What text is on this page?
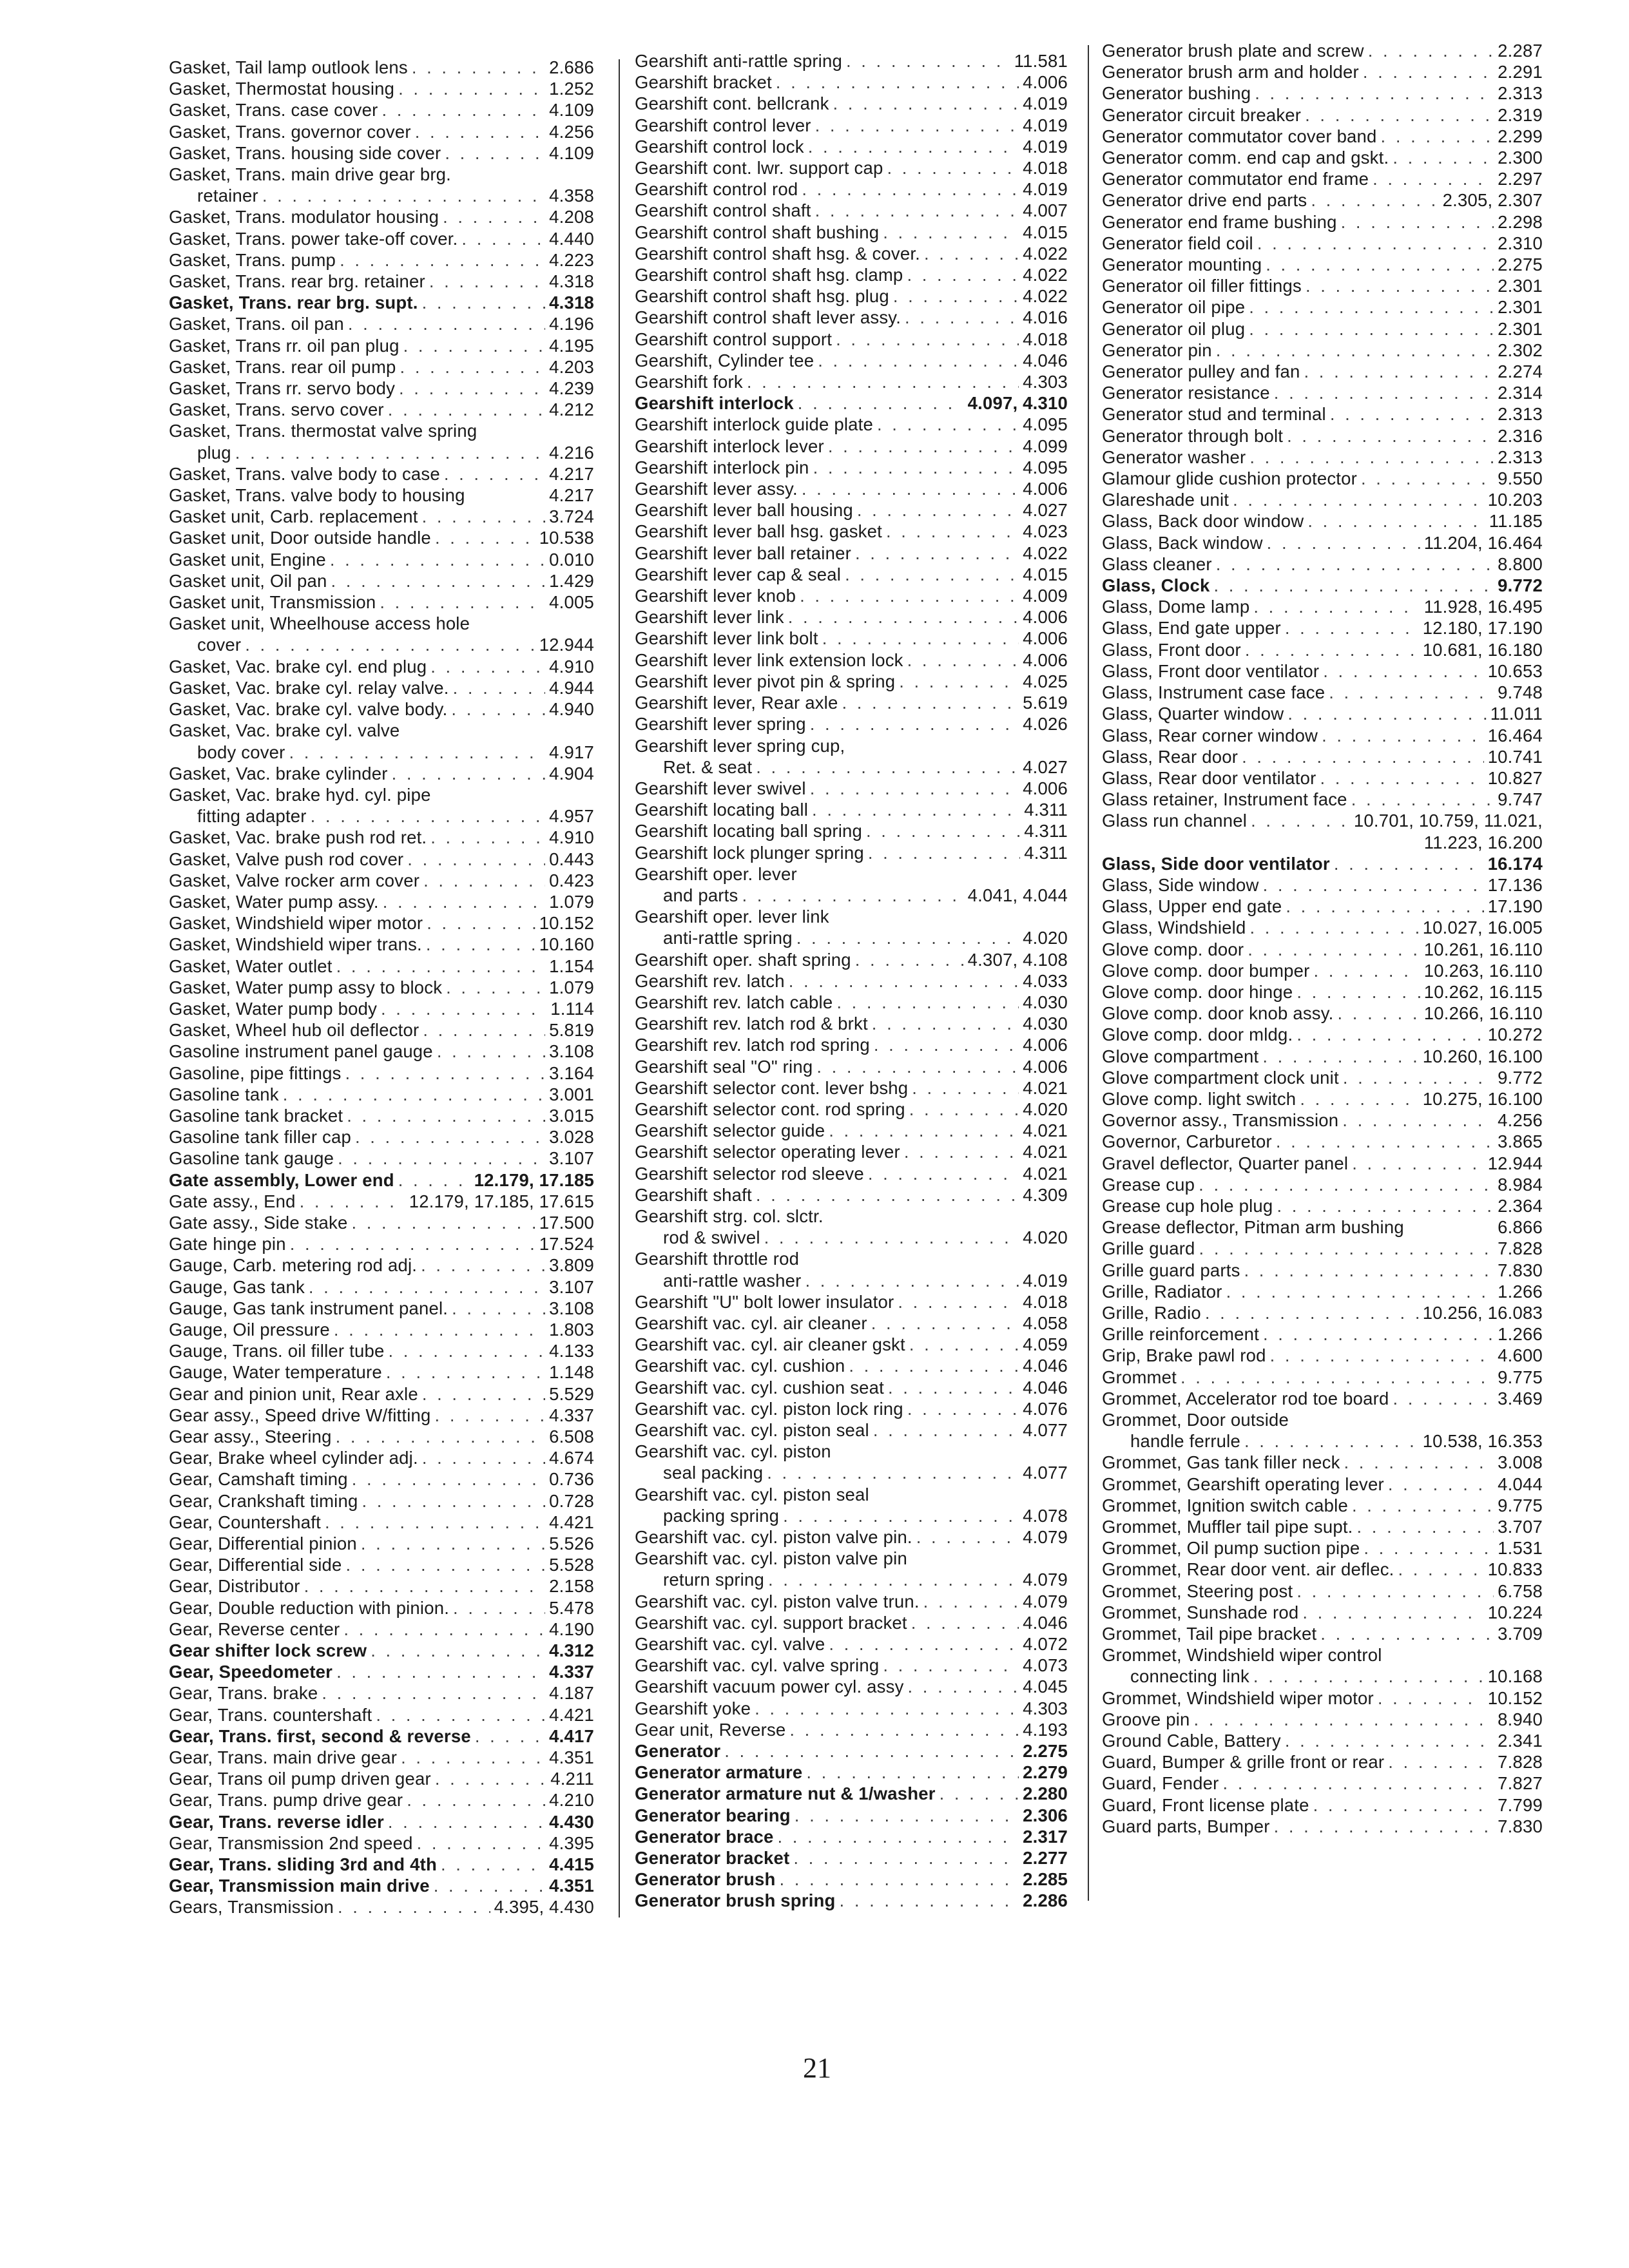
Gasket, Tail lamp outlook lens . . .	2.686
Gasket, Thermostat housing . . .	1.252
Gasket, Trans. case cover . . .	4.109
Gasket, Trans. governor cover . . .	4.256
Gasket, Trans. housing side cover . . .	4.109
Gasket, Trans. main drive gear brg.
retainer . . .	4.358
Gasket, Trans. modulator housing . . .	4.208
Gasket, Trans. power take-off cover. . . .	4.440
Gasket, Trans. pump . . .	4.223
Gasket, Trans. rear brg. retainer . . .	4.318
Gasket, Trans. rear brg. supt. . . .	4.318
Gasket, Trans. oil pan . . .	4.196
Gasket, Trans rr. oil pan plug . . .	4.195
Gasket, Trans. rear oil pump . . .	4.203
Gasket, Trans rr. servo body . . .	4.239
Gasket, Trans. servo cover . . .	4.212
Gasket, Trans. thermostat valve spring
plug . . .	4.216
Gasket, Trans. valve body to case . . .	4.217
Gasket, Trans. valve body to housing	4.217
Gasket unit, Carb. replacement . . .	3.724
Gasket unit, Door outside handle . . .	10.538
Gasket unit, Engine . . .	0.010
Gasket unit, Oil pan . . .	1.429
Gasket unit, Transmission . . .	4.005
Gasket unit, Wheelhouse access hole
cover . . .	12.944
Gasket, Vac. brake cyl. end plug . . .	4.910
Gasket, Vac. brake cyl. relay valve. . . .	4.944
Gasket, Vac. brake cyl. valve body. . . .	4.940
Gasket, Vac. brake cyl. valve
body cover . . .	4.917
Gasket, Vac. brake cylinder . . .	4.904
Gasket, Vac. brake hyd. cyl. pipe
fitting adapter . . .	4.957
Gasket, Vac. brake push rod ret. . . .	4.910
Gasket, Valve push rod cover . . .	0.443
Gasket, Valve rocker arm cover . . .	0.423
Gasket, Water pump assy. . . .	1.079
Gasket, Windshield wiper motor . . .	10.152
Gasket, Windshield wiper trans. . . .	10.160
Gasket, Water outlet . . .	1.154
Gasket, Water pump assy to block . . .	1.079
Gasket, Water pump body . . .	1.114
Gasket, Wheel hub oil deflector . . .	5.819
Gasoline instrument panel gauge . . .	3.108
Gasoline, pipe fittings . . .	3.164
Gasoline tank . . .	3.001
Gasoline tank bracket . . .	3.015
Gasoline tank filler cap . . .	3.028
Gasoline tank gauge . . .	3.107
Gate assembly, Lower end . . .	12.179, 17.185
Gate assy., End . . .	12.179, 17.185, 17.615
Gate assy., Side stake . . .	17.500
Gate hinge pin . . .	17.524
Gauge, Carb. metering rod adj. . . .	3.809
Gauge, Gas tank . . .	3.107
Gauge, Gas tank instrument panel. . . .	3.108
Gauge, Oil pressure . . .	1.803
Gauge, Trans. oil filler tube . . .	4.133
Gauge, Water temperature . . .	1.148
Gear and pinion unit, Rear axle . . .	5.529
Gear assy., Speed drive W/fitting . . .	4.337
Gear assy., Steering . . .	6.508
Gear, Brake wheel cylinder adj. . . .	4.674
Gear, Camshaft timing . . .	0.736
Gear, Crankshaft timing . . .	0.728
Gear, Countershaft . . .	4.421
Gear, Differential pinion . . .	5.526
Gear, Differential side . . .	5.528
Gear, Distributor . . .	2.158
Gear, Double reduction with pinion. . . .	5.478
Gear, Reverse center . . .	4.190
Gear shifter lock screw . . .	4.312
Gear, Speedometer . . .	4.337
Gear, Trans. brake . . .	4.187
Gear, Trans. countershaft . . .	4.421
Gear, Trans. first, second & reverse . . .	4.417
Gear, Trans. main drive gear . . .	4.351
Gear, Trans oil pump driven gear . . .	4.211
Gear, Trans. pump drive gear . . .	4.210
Gear, Trans. reverse idler . . .	4.430
Gear, Transmission 2nd speed . . .	4.395
Gear, Trans. sliding 3rd and 4th . . .	4.415
Gear, Transmission main drive . . .	4.351
Gears, Transmission . . .	4.395, 4.430
Gearshift anti-rattle spring . . .	11.581
Gearshift bracket . . .	4.006
Gearshift cont. bellcrank . . .	4.019
Gearshift control lever . . .	4.019
Gearshift control lock . . .	4.019
Gearshift cont. lwr. support cap . . .	4.018
Gearshift control rod . . .	4.019
Gearshift control shaft . . .	4.007
Gearshift control shaft bushing . . .	4.015
Gearshift control shaft hsg. & cover. . . .	4.022
Gearshift control shaft hsg. clamp . . .	4.022
Gearshift control shaft hsg. plug . . .	4.022
Gearshift control shaft lever assy. . . .	4.016
Gearshift control support . . .	4.018
Gearshift, Cylinder tee . . .	4.046
Gearshift fork . . .	4.303
Gearshift interlock . . .	4.097, 4.310
Gearshift interlock guide plate . . .	4.095
Gearshift interlock lever . . .	4.099
Gearshift interlock pin . . .	4.095
Gearshift lever assy. . . .	4.006
Gearshift lever ball housing . . .	4.027
Gearshift lever ball hsg. gasket . . .	4.023
Gearshift lever ball retainer . . .	4.022
Gearshift lever cap & seal . . .	4.015
Gearshift lever knob . . .	4.009
Gearshift lever link . . .	4.006
Gearshift lever link bolt . . .	4.006
Gearshift lever link extension lock . . .	4.006
Gearshift lever pivot pin & spring . . .	4.025
Gearshift lever, Rear axle . . .	5.619
Gearshift lever spring . . .	4.026
Gearshift lever spring cup,
Ret. & seat . . .	4.027
Gearshift lever swivel . . .	4.006
Gearshift locating ball . . .	4.311
Gearshift locating ball spring . . .	4.311
Gearshift lock plunger spring . . .	4.311
Gearshift oper. lever
and parts . . .	4.041, 4.044
Gearshift oper. lever link
anti-rattle spring . . .	4.020
Gearshift oper. shaft spring . . .	4.307, 4.108
Gearshift rev. latch . . .	4.033
Gearshift rev. latch cable . . .	4.030
Gearshift rev. latch rod & brkt . . .	4.030
Gearshift rev. latch rod spring . . .	4.006
Gearshift seal "O" ring . . .	4.006
Gearshift selector cont. lever bshg . . .	4.021
Gearshift selector cont. rod spring . . .	4.020
Gearshift selector guide . . .	4.021
Gearshift selector operating lever . . .	4.021
Gearshift selector rod sleeve . . .	4.021
Gearshift shaft . . .	4.309
Gearshift strg. col. slctr.
rod & swivel . . .	4.020
Gearshift throttle rod
anti-rattle washer . . .	4.019
Gearshift "U" bolt lower insulator . . .	4.018
Gearshift vac. cyl. air cleaner . . .	4.058
Gearshift vac. cyl. air cleaner gskt . . .	4.059
Gearshift vac. cyl. cushion . . .	4.046
Gearshift vac. cyl. cushion seat . . .	4.046
Gearshift vac. cyl. piston lock ring . . .	4.076
Gearshift vac. cyl. piston seal . . .	4.077
Gearshift vac. cyl. piston
seal packing . . .	4.077
Gearshift vac. cyl. piston seal
packing spring . . .	4.078
Gearshift vac. cyl. piston valve pin. . . .	4.079
Gearshift vac. cyl. piston valve pin
return spring . . .	4.079
Gearshift vac. cyl. piston valve trun. . . .	4.079
Gearshift vac. cyl. support bracket . . .	4.046
Gearshift vac. cyl. valve . . .	4.072
Gearshift vac. cyl. valve spring . . .	4.073
Gearshift vacuum power cyl. assy . . .	4.045
Gearshift yoke . . .	4.303
Gear unit, Reverse . . .	4.193
Generator . . .	2.275
Generator armature . . .	2.279
Generator armature nut & 1/washer . . .	2.280
Generator bearing . . .	2.306
Generator brace . . .	2.317
Generator bracket . . .	2.277
Generator brush . . .	2.285
Generator brush spring . . .	2.286
Generator brush plate and screw . . .	2.287
Generator brush arm and holder . . .	2.291
Generator bushing . . .	2.313
Generator circuit breaker . . .	2.319
Generator commutator cover band . . .	2.299
Generator comm. end cap and gskt. . . .	2.300
Generator commutator end frame . . .	2.297
Generator drive end parts . . .	2.305, 2.307
Generator end frame bushing . . .	2.298
Generator field coil . . .	2.310
Generator mounting . . .	2.275
Generator oil filler fittings . . .	2.301
Generator oil pipe . . .	2.301
Generator oil plug . . .	2.301
Generator pin . . .	2.302
Generator pulley and fan . . .	2.274
Generator resistance . . .	2.314
Generator stud and terminal . . .	2.313
Generator through bolt . . .	2.316
Generator washer . . .	2.313
Glamour glide cushion protector . . .	9.550
Glareshade unit . . .	10.203
Glass, Back door window . . .	11.185
Glass, Back window . . .	11.204, 16.464
Glass cleaner . . .	8.800
Glass, Clock . . .	9.772
Glass, Dome lamp . . .	11.928, 16.495
Glass, End gate upper . . .	12.180, 17.190
Glass, Front door . . .	10.681, 16.180
Glass, Front door ventilator . . .	10.653
Glass, Instrument case face . . .	9.748
Glass, Quarter window . . .	11.011
Glass, Rear corner window . . .	16.464
Glass, Rear door . . .	10.741
Glass, Rear door ventilator . . .	10.827
Glass retainer, Instrument face . . .	9.747
Glass run channel . . .	10.701, 10.759, 11.021,
11.223, 16.200
Glass, Side door ventilator . . .	16.174
Glass, Side window . . .	17.136
Glass, Upper end gate . . .	17.190
Glass, Windshield . . .	10.027, 16.005
Glove comp. door . . .	10.261, 16.110
Glove comp. door bumper . . .	10.263, 16.110
Glove comp. door hinge . . .	10.262, 16.115
Glove comp. door knob assy. . . .	10.266, 16.110
Glove comp. door mldg. . . .	10.272
Glove compartment . . .	10.260, 16.100
Glove compartment clock unit . . .	9.772
Glove comp. light switch . . .	10.275, 16.100
Governor assy., Transmission . . .	4.256
Governor, Carburetor . . .	3.865
Gravel deflector, Quarter panel . . .	12.944
Grease cup . . .	8.984
Grease cup hole plug . . .	2.364
Grease deflector, Pitman arm bushing	6.866
Grille guard . . .	7.828
Grille guard parts . . .	7.830
Grille, Radiator . . .	1.266
Grille, Radio . . .	10.256, 16.083
Grille reinforcement . . .	1.266
Grip, Brake pawl rod . . .	4.600
Grommet . . .	9.775
Grommet, Accelerator rod toe board . . .	3.469
Grommet, Door outside
handle ferrule . . .	10.538, 16.353
Grommet, Gas tank filler neck . . .	3.008
Grommet, Gearshift operating lever . . .	4.044
Grommet, Ignition switch cable . . .	9.775
Grommet, Muffler tail pipe supt. . . .	3.707
Grommet, Oil pump suction pipe . . .	1.531
Grommet, Rear door vent. air deflec. . . .	10.833
Grommet, Steering post . . .	6.758
Grommet, Sunshade rod . . .	10.224
Grommet, Tail pipe bracket . . .	3.709
Grommet, Windshield wiper control
connecting link . . .	10.168
Grommet, Windshield wiper motor . . .	10.152
Groove pin . . .	8.940
Ground Cable, Battery . . .	2.341
Guard, Bumper & grille front or rear . . .	7.828
Guard, Fender . . .	7.827
Guard, Front license plate . . .	7.799
Guard parts, Bumper . . .	7.830
21
